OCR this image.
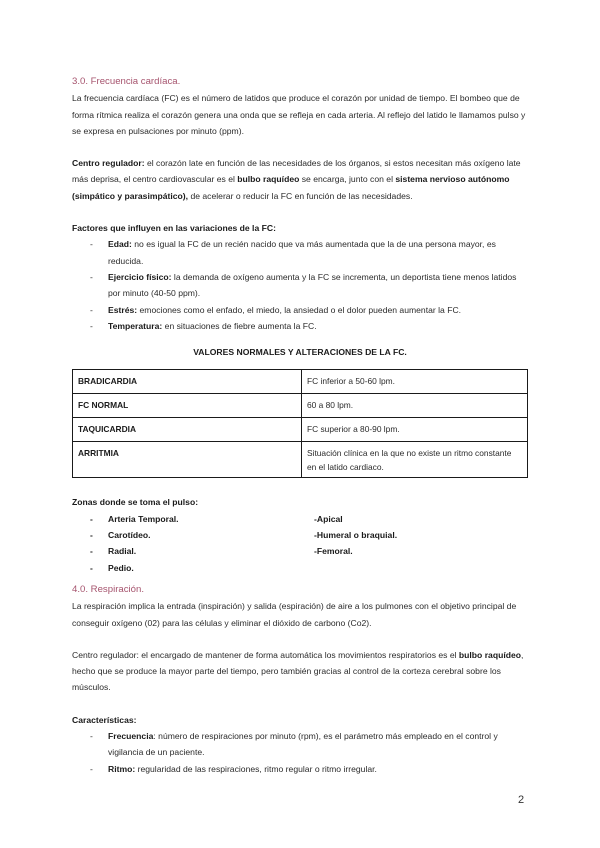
3.0. Frecuencia cardíaca.

La frecuencia cardíaca (FC) es el número de latidos que produce el corazón por unidad de tiempo. El bombeo que de forma rítmica realiza el corazón genera una onda que se refleja en cada arteria. Al reflejo del latido le llamamos pulso y se expresa en pulsaciones por minuto (ppm).

Centro regulador: el corazón late en función de las necesidades de los órganos, si estos necesitan más oxígeno late más deprisa, el centro cardiovascular es el bulbo raquídeo se encarga, junto con el sistema nervioso autónomo (simpático y parasimpático), de acelerar o reducir la FC en función de las necesidades.

Factores que influyen en las variaciones de la FC:

- Edad: no es igual la FC de un recién nacido que va más aumentada que la de una persona mayor, es reducida.
- Ejercicio físico: la demanda de oxígeno aumenta y la FC se incrementa, un deportista tiene menos latidos por minuto (40-50 ppm).
- Estrés: emociones como el enfado, el miedo, la ansiedad o el dolor pueden aumentar la FC.
- Temperatura: en situaciones de fiebre aumenta la FC.

VALORES NORMALES Y ALTERACIONES DE LA FC.

BRADICARDIA	FC inferior a 50-60 lpm.
FC NORMAL	60 a 80 lpm.
TAQUICARDIA	FC superior a 80-90 lpm.
ARRITMIA	Situación clínica en la que no existe un ritmo constante en el latido cardiaco.

Zonas donde se toma el pulso:

- Arteria Temporal.
- Carotídeo.
- Radial.
- Pedio.
-Apical
-Humeral o braquial.
-Femoral.

4.0. Respiración.

La respiración implica la entrada (inspiración) y salida (espiración) de aire a los pulmones con el objetivo principal de conseguir oxígeno (02) para las células y eliminar el dióxido de carbono (Co2).

Centro regulador: el encargado de mantener de forma automática los movimientos respiratorios es el bulbo raquídeo, hecho que se produce la mayor parte del tiempo, pero también gracias al control de la corteza cerebral sobre los músculos.

Características:

- Frecuencia: número de respiraciones por minuto (rpm), es el parámetro más empleado en el control y vigilancia de un paciente.
- Ritmo: regularidad de las respiraciones, ritmo regular o ritmo irregular.
2
